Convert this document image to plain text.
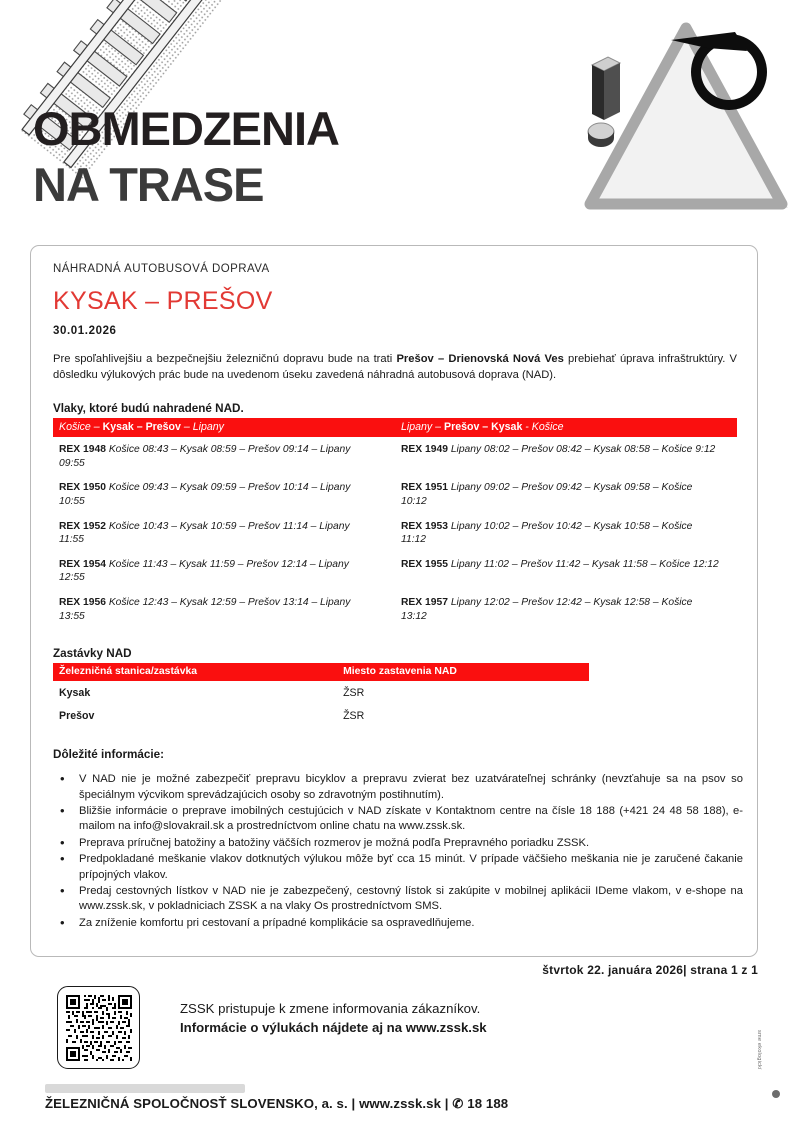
OBMEDZENIA
NA TRASE
NÁHRADNÁ AUTOBUSOVÁ DOPRAVA
KYSAK – PREŠOV
30.01.2026

Pre spoľahlivejšiu a bezpečnejšiu železničnú dopravu bude na trati Prešov – Drienovská Nová Ves prebiehať úprava infraštruktúry. V dôsledku výlukových prác bude na uvedenom úseku zavedená náhradná autobusová doprava (NAD).

Vlaky, ktoré budú nahradené NAD.
Košice – Kysak – Prešov – Lipany	Lipany – Prešov – Kysak - Košice
REX 1948 Košice 08:43 – Kysak 08:59 – Prešov 09:14 – Lipany 09:55	REX 1949 Lipany 08:02 – Prešov 08:42 – Kysak 08:58 – Košice 9:12
REX 1950 Košice 09:43 – Kysak 09:59 – Prešov 10:14 – Lipany 10:55	REX 1951 Lipany 09:02 – Prešov 09:42 – Kysak 09:58 – Košice 10:12
REX 1952 Košice 10:43 – Kysak 10:59 – Prešov 11:14 – Lipany 11:55	REX 1953 Lipany 10:02 – Prešov 10:42 – Kysak 10:58 – Košice 11:12
REX 1954 Košice 11:43 – Kysak 11:59 – Prešov 12:14 – Lipany 12:55	REX 1955 Lipany 11:02 – Prešov 11:42 – Kysak 11:58 – Košice 12:12
REX 1956 Košice 12:43 – Kysak 12:59 – Prešov 13:14 – Lipany 13:55	REX 1957 Lipany 12:02 – Prešov 12:42 – Kysak 12:58 – Košice 13:12
Zastávky NAD
Železničná stanica/zastávka	Miesto zastavenia NAD
Kysak	ŽSR
Prešov	ŽSR
Dôležité informácie:
• V NAD nie je možné zabezpečiť prepravu bicyklov a prepravu zvierat bez uzatvárateľnej schránky (nevzťahuje sa na psov so špeciálnym výcvikom sprevádzajúcich osoby so zdravotným postihnutím).
• Bližšie informácie o preprave imobilných cestujúcich v NAD získate v Kontaktnom centre na čísle 18 188 (+421 24 48 58 188), e-mailom na info@slovakrail.sk a prostredníctvom online chatu na www.zssk.sk.
• Preprava príručnej batožiny a batožiny väčších rozmerov je možná podľa Prepravného poriadku ZSSK.
• Predpokladané meškanie vlakov dotknutých výlukou môže byť cca 15 minút. V prípade väčšieho meškania nie je zaručené čakanie prípojných vlakov.
• Predaj cestovných lístkov v NAD nie je zabezpečený, cestovný lístok si zakúpite v mobilnej aplikácii IDeme vlakom, v e-shope na www.zssk.sk, v pokladniciach ZSSK a na vlaky Os prostredníctvom SMS.
• Za zníženie komfortu pri cestovaní a prípadné komplikácie sa ospravedlňujeme.
štvrtok 22. januára 2026| strana 1 z 1
ZSSK pristupuje k zmene informovania zákazníkov.
Informácie o výlukách nájdete aj na www.zssk.sk
sme ekologickí
ŽELEZNIČNÁ SPOLOČNOSŤ SLOVENSKO, a. s. | www.zssk.sk | ✆ 18 188
